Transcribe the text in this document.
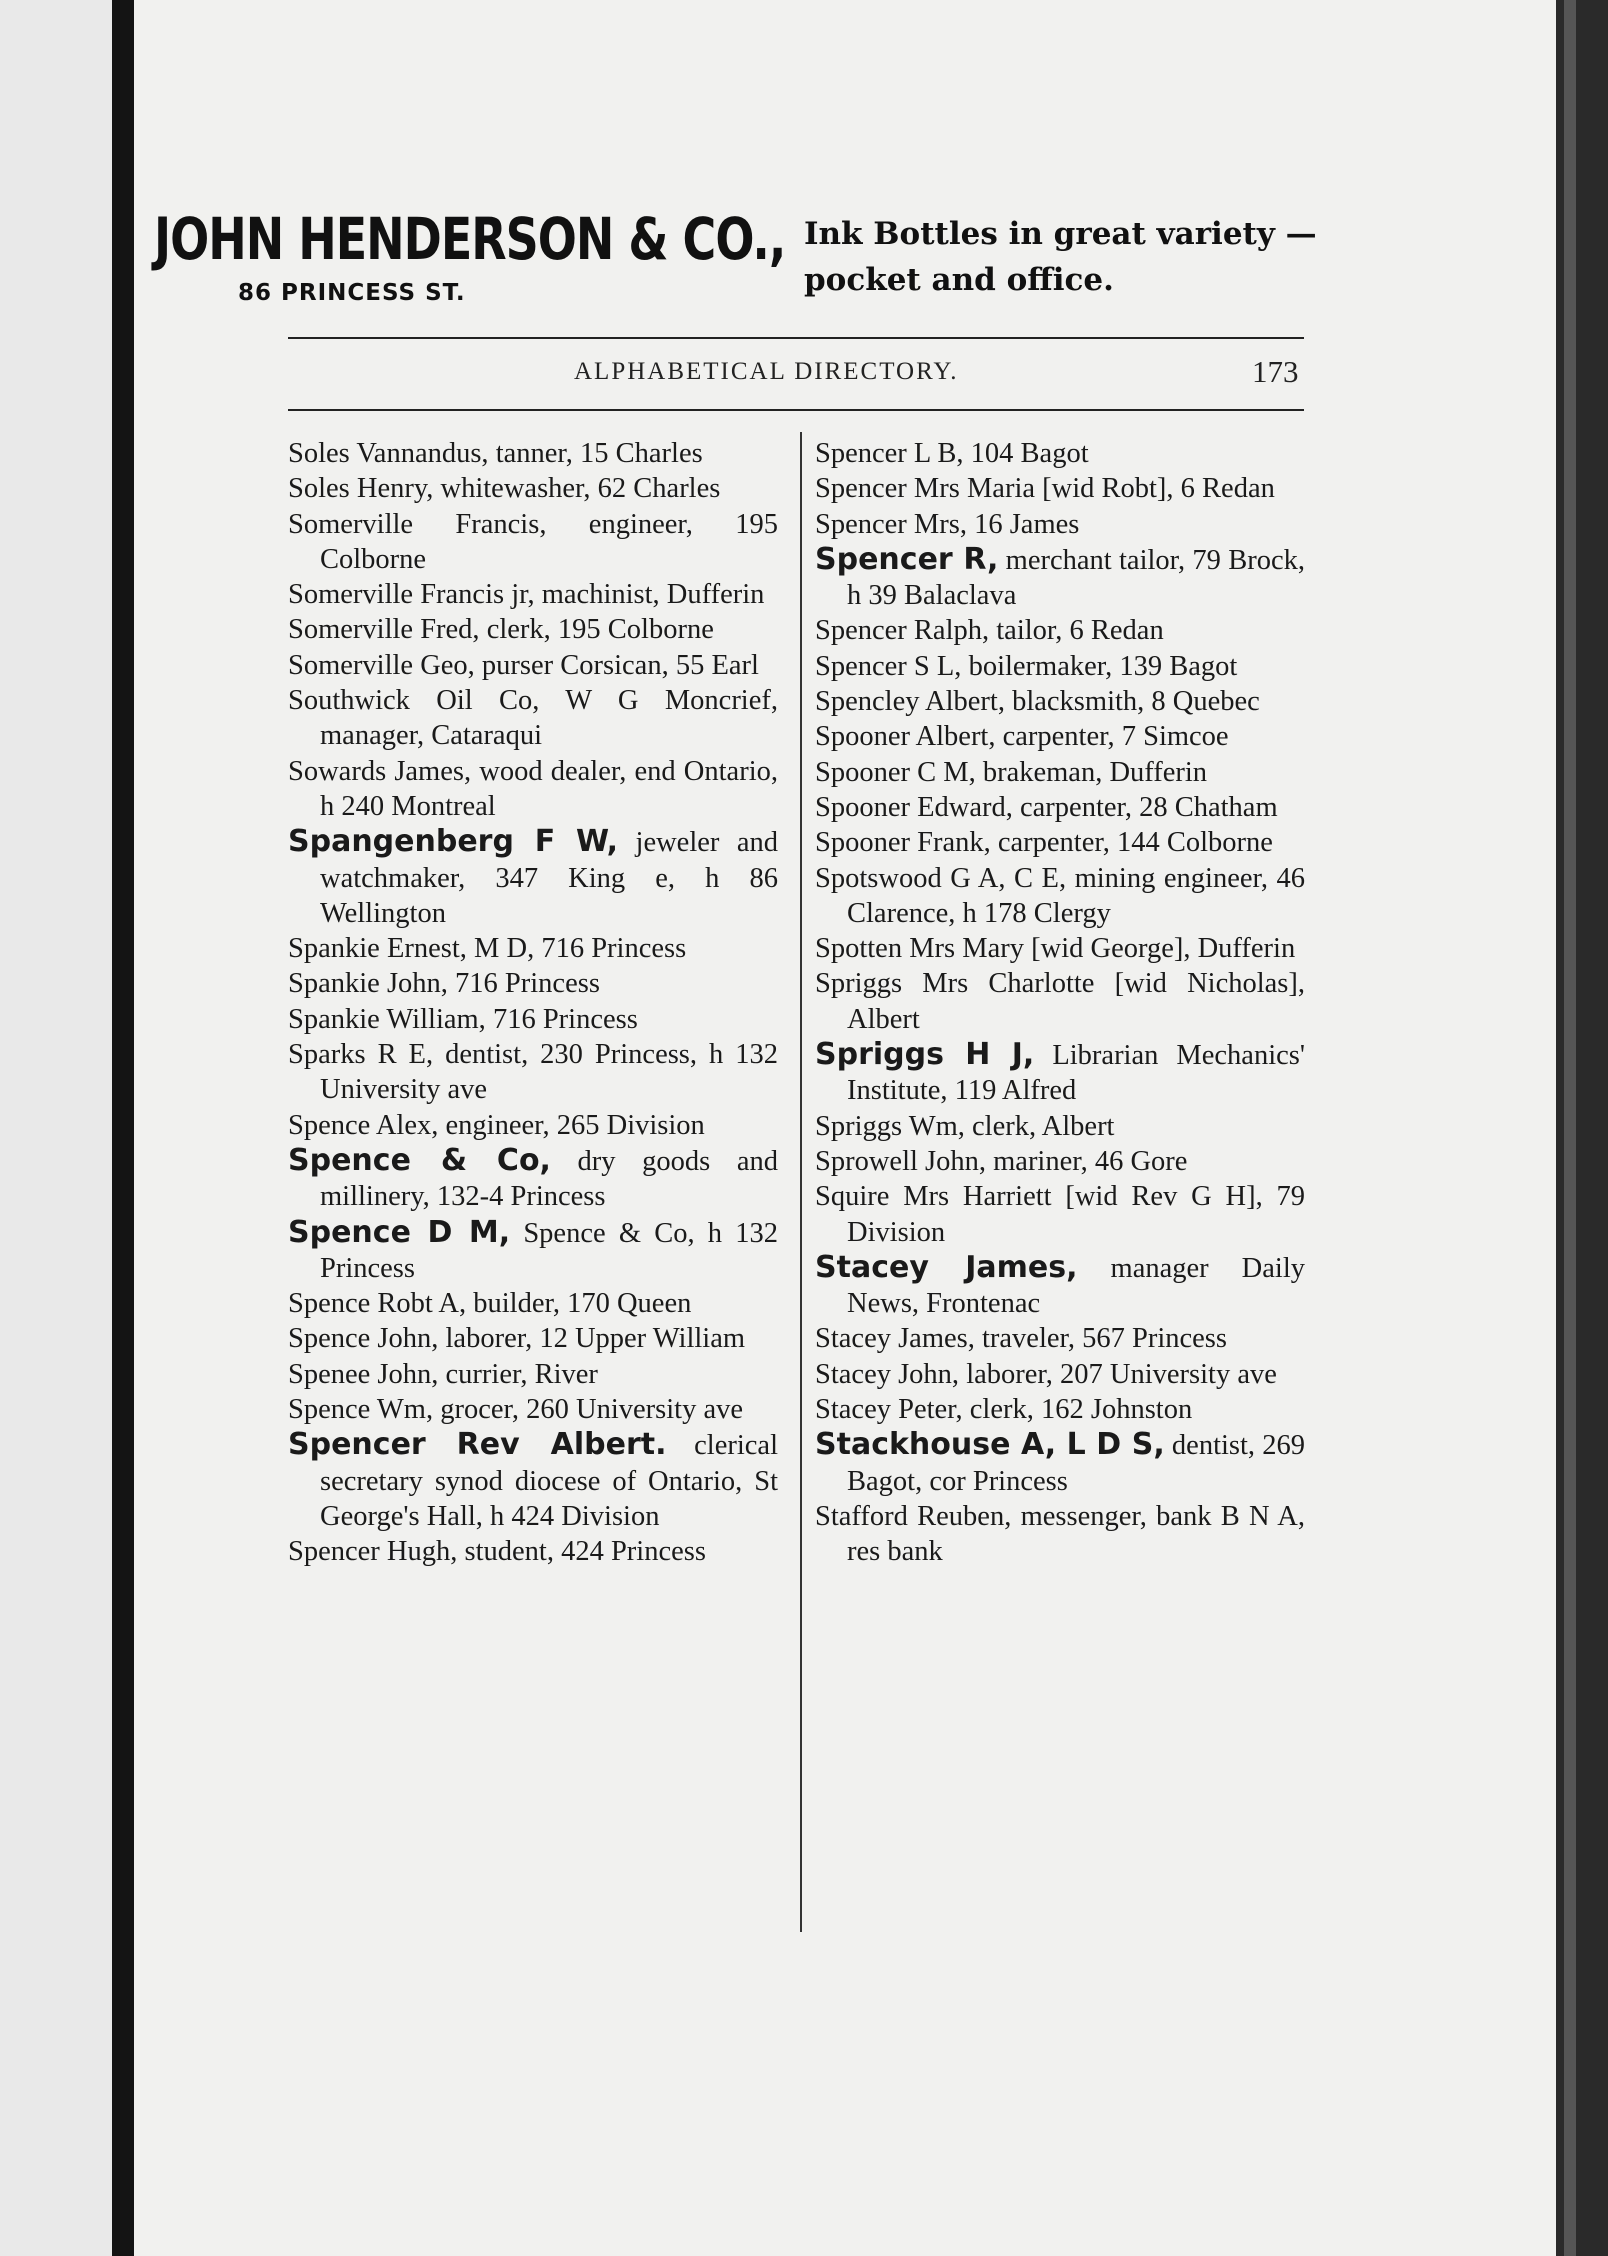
JOHN HENDERSON & CO.,
86 PRINCESS ST.
Ink Bottles in great variety —pocket and office.
ALPHABETICAL DIRECTORY.	173
Soles Vannandus, tanner, 15 Charles
Soles Henry, whitewasher, 62 Charles
Somerville Francis, engineer, 195 Colborne
Somerville Francis jr, machinist, Dufferin
Somerville Fred, clerk, 195 Colborne
Somerville Geo, purser Corsican, 55 Earl
Southwick Oil Co, W G Moncrief, manager, Cataraqui
Sowards James, wood dealer, end Ontario, h 240 Montreal
Spangenberg F W, jeweler and watchmaker, 347 King e, h 86 Wellington
Spankie Ernest, M D, 716 Princess
Spankie John, 716 Princess
Spankie William, 716 Princess
Sparks R E, dentist, 230 Princess, h 132 University ave
Spence Alex, engineer, 265 Division
Spence & Co, dry goods and millinery, 132-4 Princess
Spence D M, Spence & Co, h 132 Princess
Spence Robt A, builder, 170 Queen
Spence John, laborer, 12 Upper William
Spenee John, currier, River
Spence Wm, grocer, 260 University ave
Spencer Rev Albert. clerical secretary synod diocese of Ontario, St George's Hall, h 424 Division
Spencer Hugh, student, 424 Princess
Spencer L B, 104 Bagot
Spencer Mrs Maria [wid Robt], 6 Redan
Spencer Mrs, 16 James
Spencer R, merchant tailor, 79 Brock, h 39 Balaclava
Spencer Ralph, tailor, 6 Redan
Spencer S L, boilermaker, 139 Bagot
Spencley Albert, blacksmith, 8 Quebec
Spooner Albert, carpenter, 7 Simcoe
Spooner C M, brakeman, Dufferin
Spooner Edward, carpenter, 28 Chatham
Spooner Frank, carpenter, 144 Colborne
Spotswood G A, C E, mining engineer, 46 Clarence, h 178 Clergy
Spotten Mrs Mary [wid George], Dufferin
Spriggs Mrs Charlotte [wid Nicholas], Albert
Spriggs H J, Librarian Mechanics' Institute, 119 Alfred
Spriggs Wm, clerk, Albert
Sprowell John, mariner, 46 Gore
Squire Mrs Harriett [wid Rev G H], 79 Division
Stacey James, manager Daily News, Frontenac
Stacey James, traveler, 567 Princess
Stacey John, laborer, 207 University ave
Stacey Peter, clerk, 162 Johnston
Stackhouse A, L D S, dentist, 269 Bagot, cor Princess
Stafford Reuben, messenger, bank B N A, res bank
